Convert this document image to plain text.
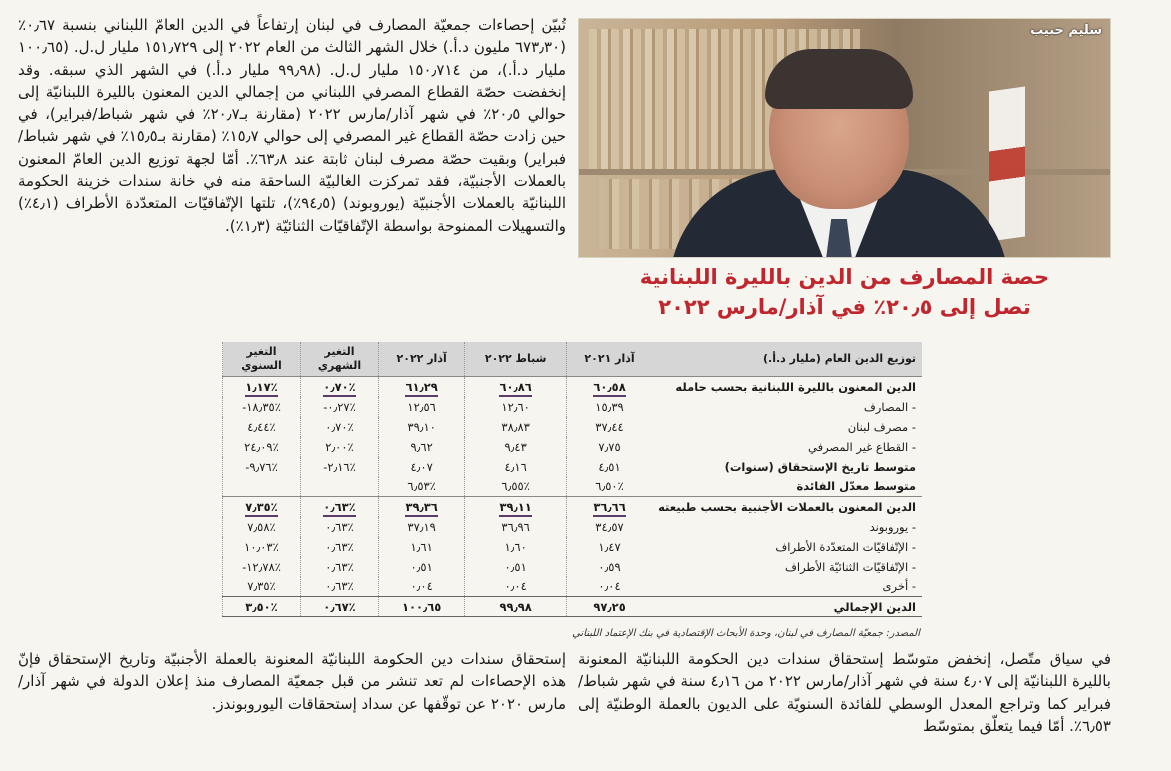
سليم حبيب
حصة المصارف من الدين بالليرة اللبنانية
تصل إلى ٢٠٫٥٪ في آذار/مارس ٢٠٢٢
تُبيّن إحصاءات جمعيّة المصارف في لبنان إرتفاعاً في الدين العامّ اللبناني بنسبة ٠٫٦٧٪ (٦٧٣٫٣٠ مليون د.أ.) خلال الشهر الثالث من العام ٢٠٢٢ إلى ١٥١٫٧٢٩ مليار ل.ل. (١٠٠٫٦٥ مليار د.أ.)، من ١٥٠٫٧١٤ مليار ل.ل. (٩٩٫٩٨ مليار د.أ.) في الشهر الذي سبقه. وقد إنخفضت حصّة القطاع المصرفي اللبناني من إجمالي الدين المعنون بالليرة اللبنانيّة إلى حوالي ٢٠٫٥٪ في شهر آذار/مارس ٢٠٢٢ (مقارنة بـ٢٠٫٧٪ في شهر شباط/فبراير)، في حين زادت حصّة القطاع غير المصرفي إلى حوالي ١٥٫٧٪ (مقارنة بـ١٥٫٥٪ في شهر شباط/فبراير) وبقيت حصّة مصرف لبنان ثابتة عند ٦٣٫٨٪. أمّا لجهة توزيع الدين العامّ المعنون بالعملات الأجنبيّة، فقد تمركزت الغالبيّة الساحقة منه في خانة سندات خزينة الحكومة اللبنانيّة بالعملات الأجنبيّة (يوروبوند) (٩٤٫٥٪)، تلتها الإتّفاقيّات المتعدّدة الأطراف (٤٫١٪) والتسهيلات الممنوحة بواسطة الإتّفاقيّات الثنائيّة (١٫٣٪).
توزيع الدين العام (مليار د.أ.)	آذار ٢٠٢١	شباط ٢٠٢٢	آذار ٢٠٢٢	التغير الشهري	التغير السنوي
الدين المعنون بالليرة اللبنانية بحسب حامله	٦٠٫٥٨	٦٠٫٨٦	٦١٫٢٩	٠٫٧٠٪	١٫١٧٪
- المصارف	١٥٫٣٩	١٢٫٦٠	١٢٫٥٦	-٠٫٢٧٪	-١٨٫٣٥٪
- مصرف لبنان	٣٧٫٤٤	٣٨٫٨٣	٣٩٫١٠	٠٫٧٠٪	٤٫٤٤٪
- القطاع غير المصرفي	٧٫٧٥	٩٫٤٣	٩٫٦٢	٢٫٠٠٪	٢٤٫٠٩٪
متوسط تاريخ الإستحقاق (سنوات)	٤٫٥١	٤٫١٦	٤٫٠٧	-٢٫١٦٪	-٩٫٧٦٪
متوسط معدّل الفائدة	٦٫٥٠٪	٦٫٥٥٪	٦٫٥٣٪		
الدين المعنون بالعملات الأجنبية بحسب طبيعته	٣٦٫٦٦	٣٩٫١١	٣٩٫٣٦	٠٫٦٣٪	٧٫٣٥٪
- يوروبوند	٣٤٫٥٧	٣٦٫٩٦	٣٧٫١٩	٠٫٦٣٪	٧٫٥٨٪
- الإتّفاقيّات المتعدّدة الأطراف	١٫٤٧	١٫٦٠	١٫٦١	٠٫٦٣٪	١٠٫٠٣٪
- الإتّفاقيّات الثنائيّة الأطراف	٠٫٥٩	٠٫٥١	٠٫٥١	٠٫٦٣٪	-١٢٫٧٨٪
- أخرى	٠٫٠٤	٠٫٠٤	٠٫٠٤	٠٫٦٣٪	٧٫٣٥٪
الدين الإجمالي	٩٧٫٢٥	٩٩٫٩٨	١٠٠٫٦٥	٠٫٦٧٪	٣٫٥٠٪
المصدر: جمعيّة المصارف في لبنان، وحدة الأبحاث الإقتصادية في بنك الإعتماد اللبناني
في سياق متّصل، إنخفض متوسّط إستحقاق سندات دين الحكومة اللبنانيّة المعنونة بالليرة اللبنانيّة إلى ٤٫٠٧ سنة في شهر آذار/مارس ٢٠٢٢ من ٤٫١٦ سنة في شهر شباط/فبراير كما وتراجع المعدل الوسطي للفائدة السنويّة على الديون بالعملة الوطنيّة إلى ٦٫٥٣٪. أمّا فيما يتعلّق بمتوسّط
إستحقاق سندات دين الحكومة اللبنانيّة المعنونة بالعملة الأجنبيّة وتاريخ الإستحقاق فإنّ هذه الإحصاءات لم تعد تنشر من قبل جمعيّة المصارف منذ إعلان الدولة في شهر آذار/مارس ٢٠٢٠ عن توقّفها عن سداد إستحقاقات اليوروبوندز.
